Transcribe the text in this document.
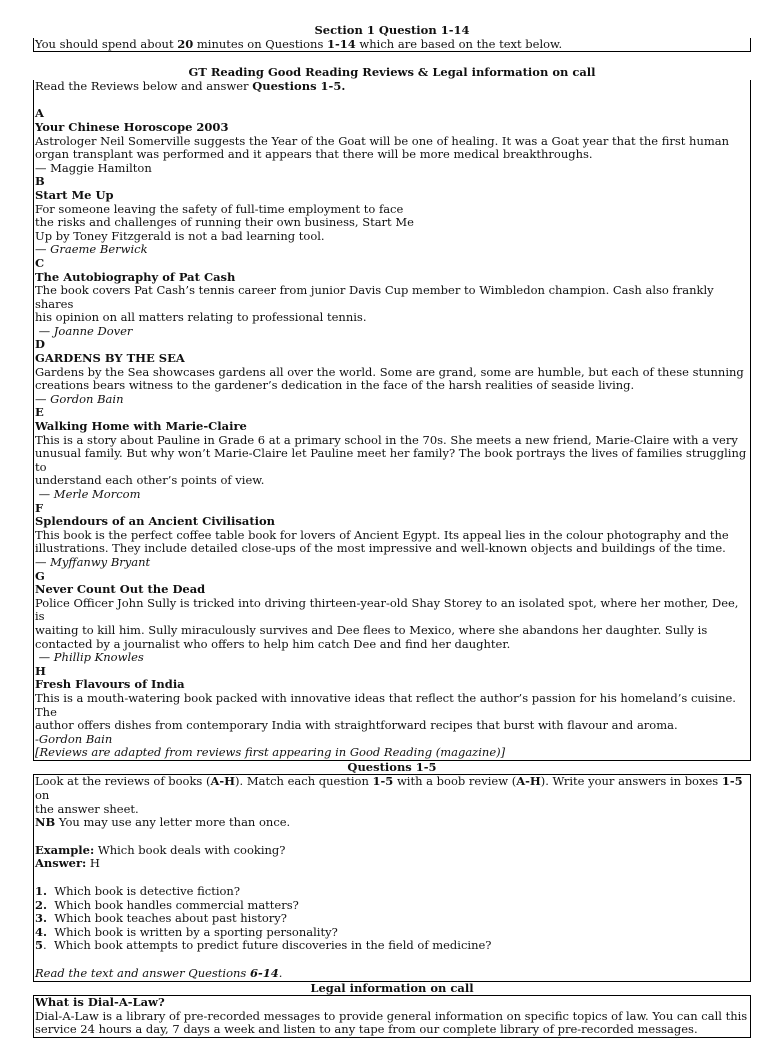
Section 1 Question 1-14
You should spend about 20 minutes on Questions 1-14 which are based on the text below.
GT Reading Good Reading Reviews & Legal information on call
Read the Reviews below and answer Questions 1-5.
A
Your Chinese Horoscope 2003
Astrologer Neil Somerville suggests the Year of the Goat will be one of healing. It was a Goat year that the first human
organ transplant was performed and it appears that there will be more medical breakthroughs.
— Maggie Hamilton
B
Start Me Up
For someone leaving the safety of full-time employment to face
the risks and challenges of running their own business, Start Me
Up by Toney Fitzgerald is not a bad learning tool.
— Graeme Berwick
C
The Autobiography of Pat Cash
The book covers Pat Cash’s tennis career from junior Davis Cup member to Wimbledon champion. Cash also frankly shares
his opinion on all matters relating to professional tennis.
— Joanne Dover
D
GARDENS BY THE SEA
Gardens by the Sea showcases gardens all over the world. Some are grand, some are humble, but each of these stunning
creations bears witness to the gardener’s dedication in the face of the harsh realities of seaside living.
— Gordon Bain
E
Walking Home with Marie-Claire
This is a story about Pauline in Grade 6 at a primary school in the 70s. She meets a new friend, Marie-Claire with a very
unusual family. But why won’t Marie-Claire let Pauline meet her family? The book portrays the lives of families struggling to
understand each other’s points of view.
— Merle Morcom
F
Splendours of an Ancient Civilisation
This book is the perfect coffee table book for lovers of Ancient Egypt. Its appeal lies in the colour photography and the
illustrations. They include detailed close-ups of the most impressive and well-known objects and buildings of the time.
— Myffanwy Bryant
G
Never Count Out the Dead
Police Officer John Sully is tricked into driving thirteen-year-old Shay Storey to an isolated spot, where her mother, Dee, is
waiting to kill him. Sully miraculously survives and Dee flees to Mexico, where she abandons her daughter. Sully is
contacted by a journalist who offers to help him catch Dee and find her daughter.
— Phillip Knowles
H
Fresh Flavours of India
This is a mouth-watering book packed with innovative ideas that reflect the author’s passion for his homeland’s cuisine. The
author offers dishes from contemporary India with straightforward recipes that burst with flavour and aroma.
-Gordon Bain
[Reviews are adapted from reviews first appearing in Good Reading (magazine)]
Questions 1-5
Look at the reviews of books (A-H). Match each question 1-5 with a boob review (A-H). Write your answers in boxes 1-5 on
the answer sheet.
NB You may use any letter more than once.
Example: Which book deals with cooking?
Answer: H
1.  Which book is detective fiction?
2.  Which book handles commercial matters?
3.  Which book teaches about past history?
4.  Which book is written by a sporting personality?
5.  Which book attempts to predict future discoveries in the field of medicine?
Read the text and answer Questions 6-14.
Legal information on call
What is Dial-A-Law?
Dial-A-Law is a library of pre-recorded messages to provide general information on specific topics of law. You can call this
service 24 hours a day, 7 days a week and listen to any tape from our complete library of pre-recorded messages.
